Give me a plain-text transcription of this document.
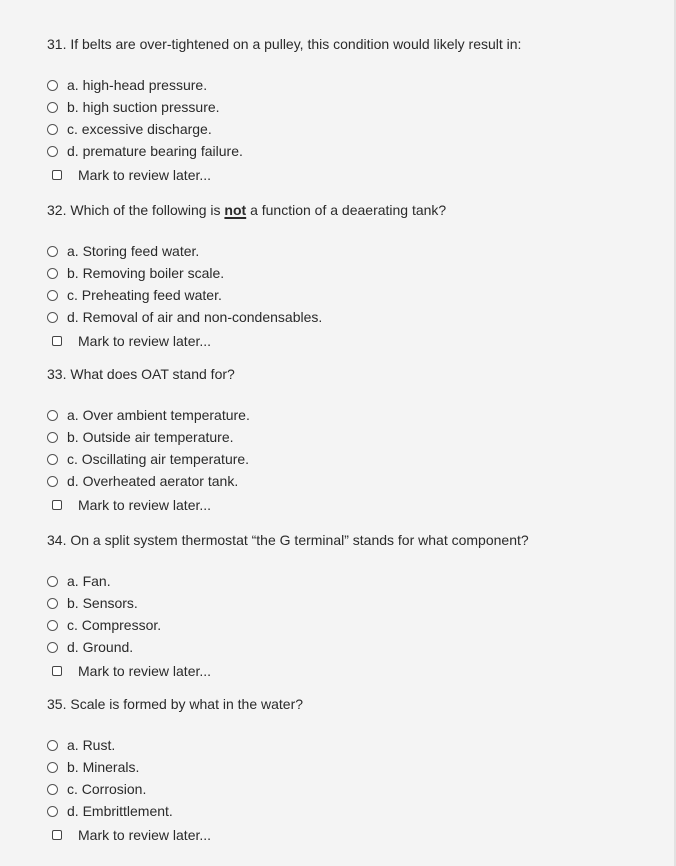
31. If belts are over-tightened on a pulley, this condition would likely result in:

a. high-head pressure.
b. high suction pressure.
c. excessive discharge.
d. premature bearing failure.
Mark to review later...

32. Which of the following is not a function of a deaerating tank?

a. Storing feed water.
b. Removing boiler scale.
c. Preheating feed water.
d. Removal of air and non-condensables.
Mark to review later...

33. What does OAT stand for?

a. Over ambient temperature.
b. Outside air temperature.
c. Oscillating air temperature.
d. Overheated aerator tank.
Mark to review later...

34. On a split system thermostat “the G terminal” stands for what component?

a. Fan.
b. Sensors.
c. Compressor.
d. Ground.
Mark to review later...

35. Scale is formed by what in the water?

a. Rust.
b. Minerals.
c. Corrosion.
d. Embrittlement.
Mark to review later...
